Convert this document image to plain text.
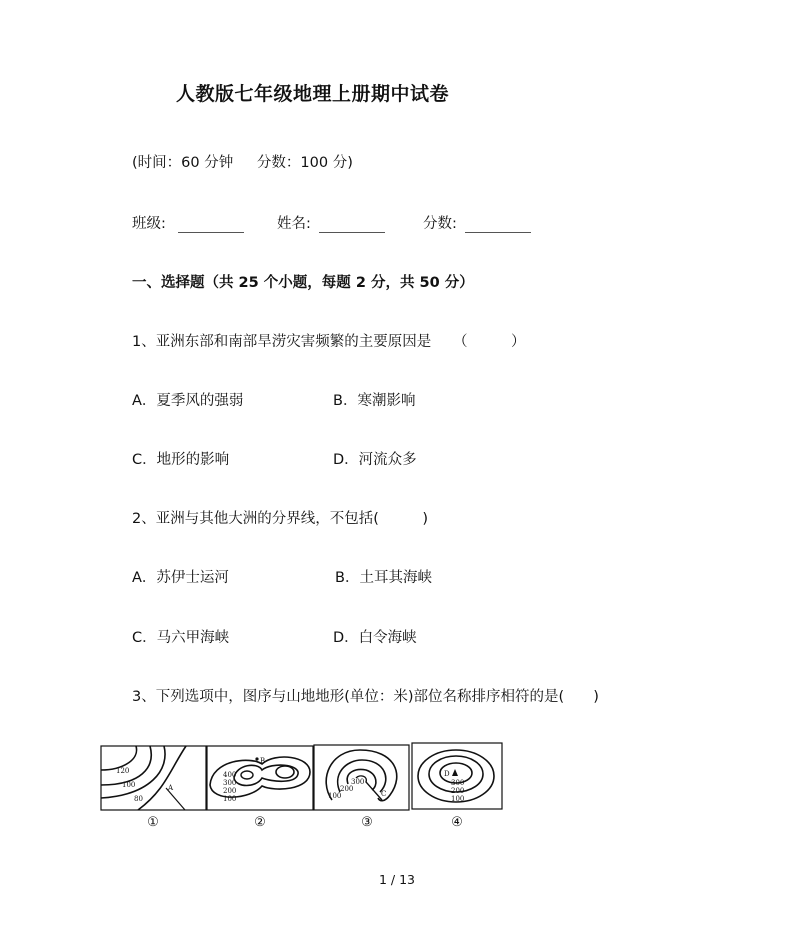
人教版七年级地理上册期中试卷
(时间：60 分钟 　 分数：100 分)
班级:	姓名:	分数:
一、选择题（共 25 个小题，每题 2 分，共 50 分）
1、亚洲东部和南部旱涝灾害频繁的主要原因是　　（　　　）
A．夏季风的强弱	B．寒潮影响
C．地形的影响	D．河流众多
2、亚洲与其他大洲的分界线，不包括(　　　)
A．苏伊士运河	B．土耳其海峡
C．马六甲海峡	D．白令海峡
3、下列选项中，图序与山地地形(单位：米)部位名称排序相符的是(　　)
120
100
80
A
B
400
300
200
100
300
200
100	C
D
300
200
100
①	②	③	④
1 / 13
